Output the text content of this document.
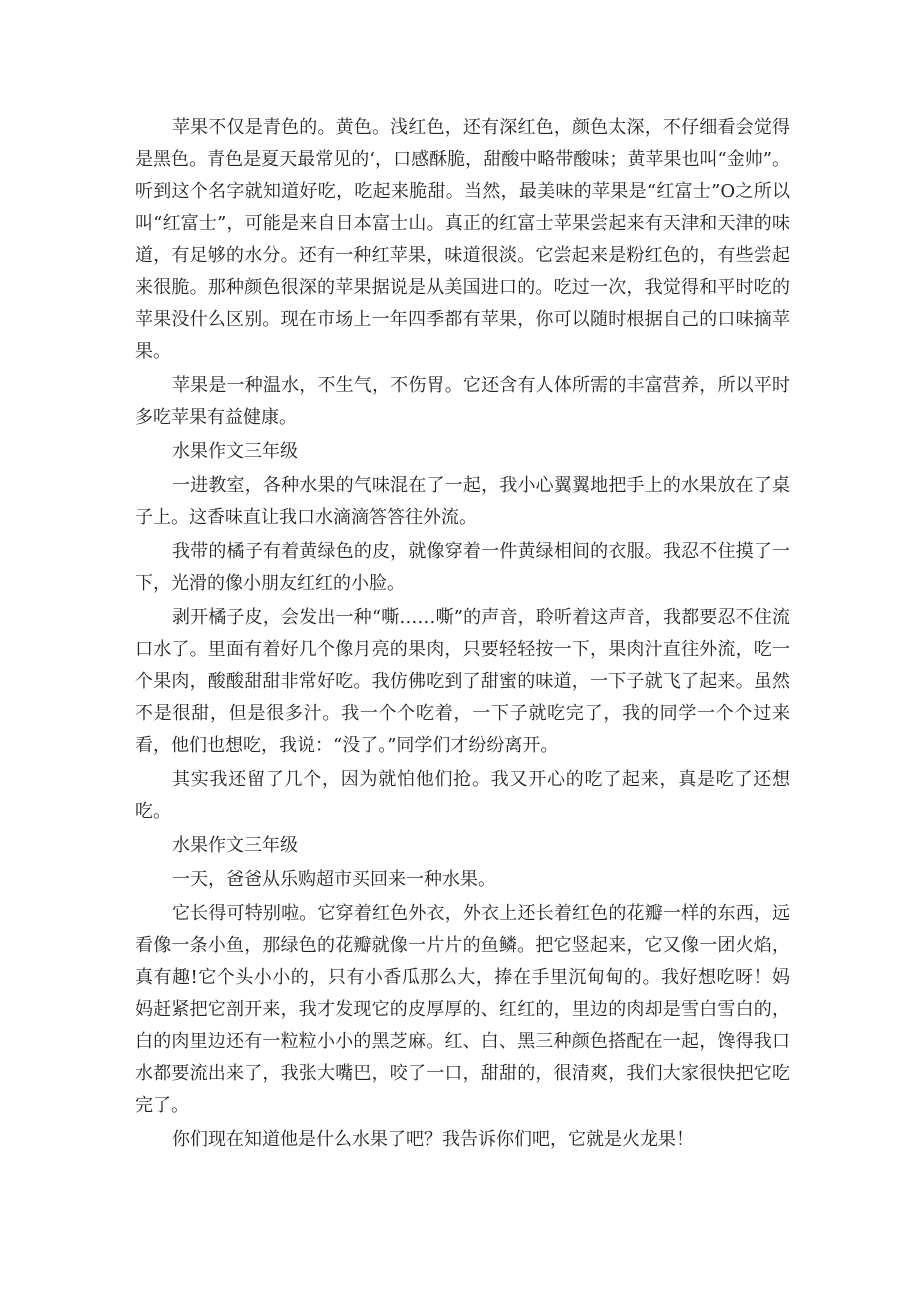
苹果不仅是青色的。黄色。浅红色，还有深红色，颜色太深，不仔细看会觉得是黑色。青色是夏天最常见的‘，口感酥脆，甜酸中略带酸味；黄苹果也叫“金帅”。听到这个名字就知道好吃，吃起来脆甜。当然，最美味的苹果是“红富士”O之所以叫“红富士”，可能是来自日本富士山。真正的红富士苹果尝起来有天津和天津的味道，有足够的水分。还有一种红苹果，味道很淡。它尝起来是粉红色的，有些尝起来很脆。那种颜色很深的苹果据说是从美国进口的。吃过一次，我觉得和平时吃的苹果没什么区别。现在市场上一年四季都有苹果，你可以随时根据自己的口味摘苹果。

苹果是一种温水，不生气，不伤胃。它还含有人体所需的丰富营养，所以平时多吃苹果有益健康。

水果作文三年级

一进教室，各种水果的气味混在了一起，我小心翼翼地把手上的水果放在了桌子上。这香味直让我口水滴滴答答往外流。

我带的橘子有着黄绿色的皮，就像穿着一件黄绿相间的衣服。我忍不住摸了一下，光滑的像小朋友红红的小脸。

剥开橘子皮，会发出一种“嘶……嘶”的声音，聆听着这声音，我都要忍不住流口水了。里面有着好几个像月亮的果肉，只要轻轻按一下，果肉汁直往外流，吃一个果肉，酸酸甜甜非常好吃。我仿佛吃到了甜蜜的味道，一下子就飞了起来。虽然不是很甜，但是很多汁。我一个个吃着，一下子就吃完了，我的同学一个个过来看，他们也想吃，我说：“没了。”同学们才纷纷离开。

其实我还留了几个，因为就怕他们抢。我又开心的吃了起来，真是吃了还想吃。

水果作文三年级

一天，爸爸从乐购超市买回来一种水果。

它长得可特别啦。它穿着红色外衣，外衣上还长着红色的花瓣一样的东西，远看像一条小鱼，那绿色的花瓣就像一片片的鱼鳞。把它竖起来，它又像一团火焰，真有趣!它个头小小的，只有小香瓜那么大，捧在手里沉甸甸的。我好想吃呀！妈妈赶紧把它剖开来，我才发现它的皮厚厚的、红红的，里边的肉却是雪白雪白的，白的肉里边还有一粒粒小小的黑芝麻。红、白、黑三种颜色搭配在一起，馋得我口水都要流出来了，我张大嘴巴，咬了一口，甜甜的，很清爽，我们大家很快把它吃完了。

你们现在知道他是什么水果了吧？我告诉你们吧，它就是火龙果！
